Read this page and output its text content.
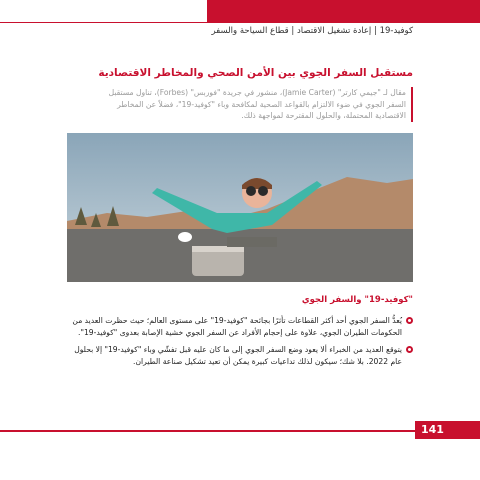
كوفيد-19 | إعادة تشغيل الاقتصاد | قطاع السياحة والسفر
مستقبل السفر الجوي بين الأمن الصحي والمخاطر الاقتصادية
مقال لـ "جيمي كارتر" (Jamie Carter)، منشور في جريدة "فوربس" (Forbes)، تناول مستقبل السفر الجوي في ضوء الالتزام بالقواعد الصحية لمكافحة وباء "كوفيد-19"، فضلاً عن المخاطر الاقتصادية المحتملة، والحلول المقترحة لمواجهة ذلك.
"كوفيد-19" والسفر الجوي
يُعدُّ السفر الجوي أحد أكثر القطاعات تأثرًا بجائحة "كوفيد-19" على مستوى العالم؛ حيث حظرت العديد من الحكومات الطيران الجوي، علاوة على إحجام الأفراد عن السفر الجوي خشية الإصابة بعدوى "كوفيد-19".
يتوقع العديد من الخبراء ألا يعود وضع السفر الجوي إلى ما كان عليه قبل تفشّي وباء "كوفيد-19" إلا بحلول عام 2022. بلا شك؛ سيكون لذلك تداعيات كبيرة يمكن أن تعيد تشكيل صناعة الطيران.
141
